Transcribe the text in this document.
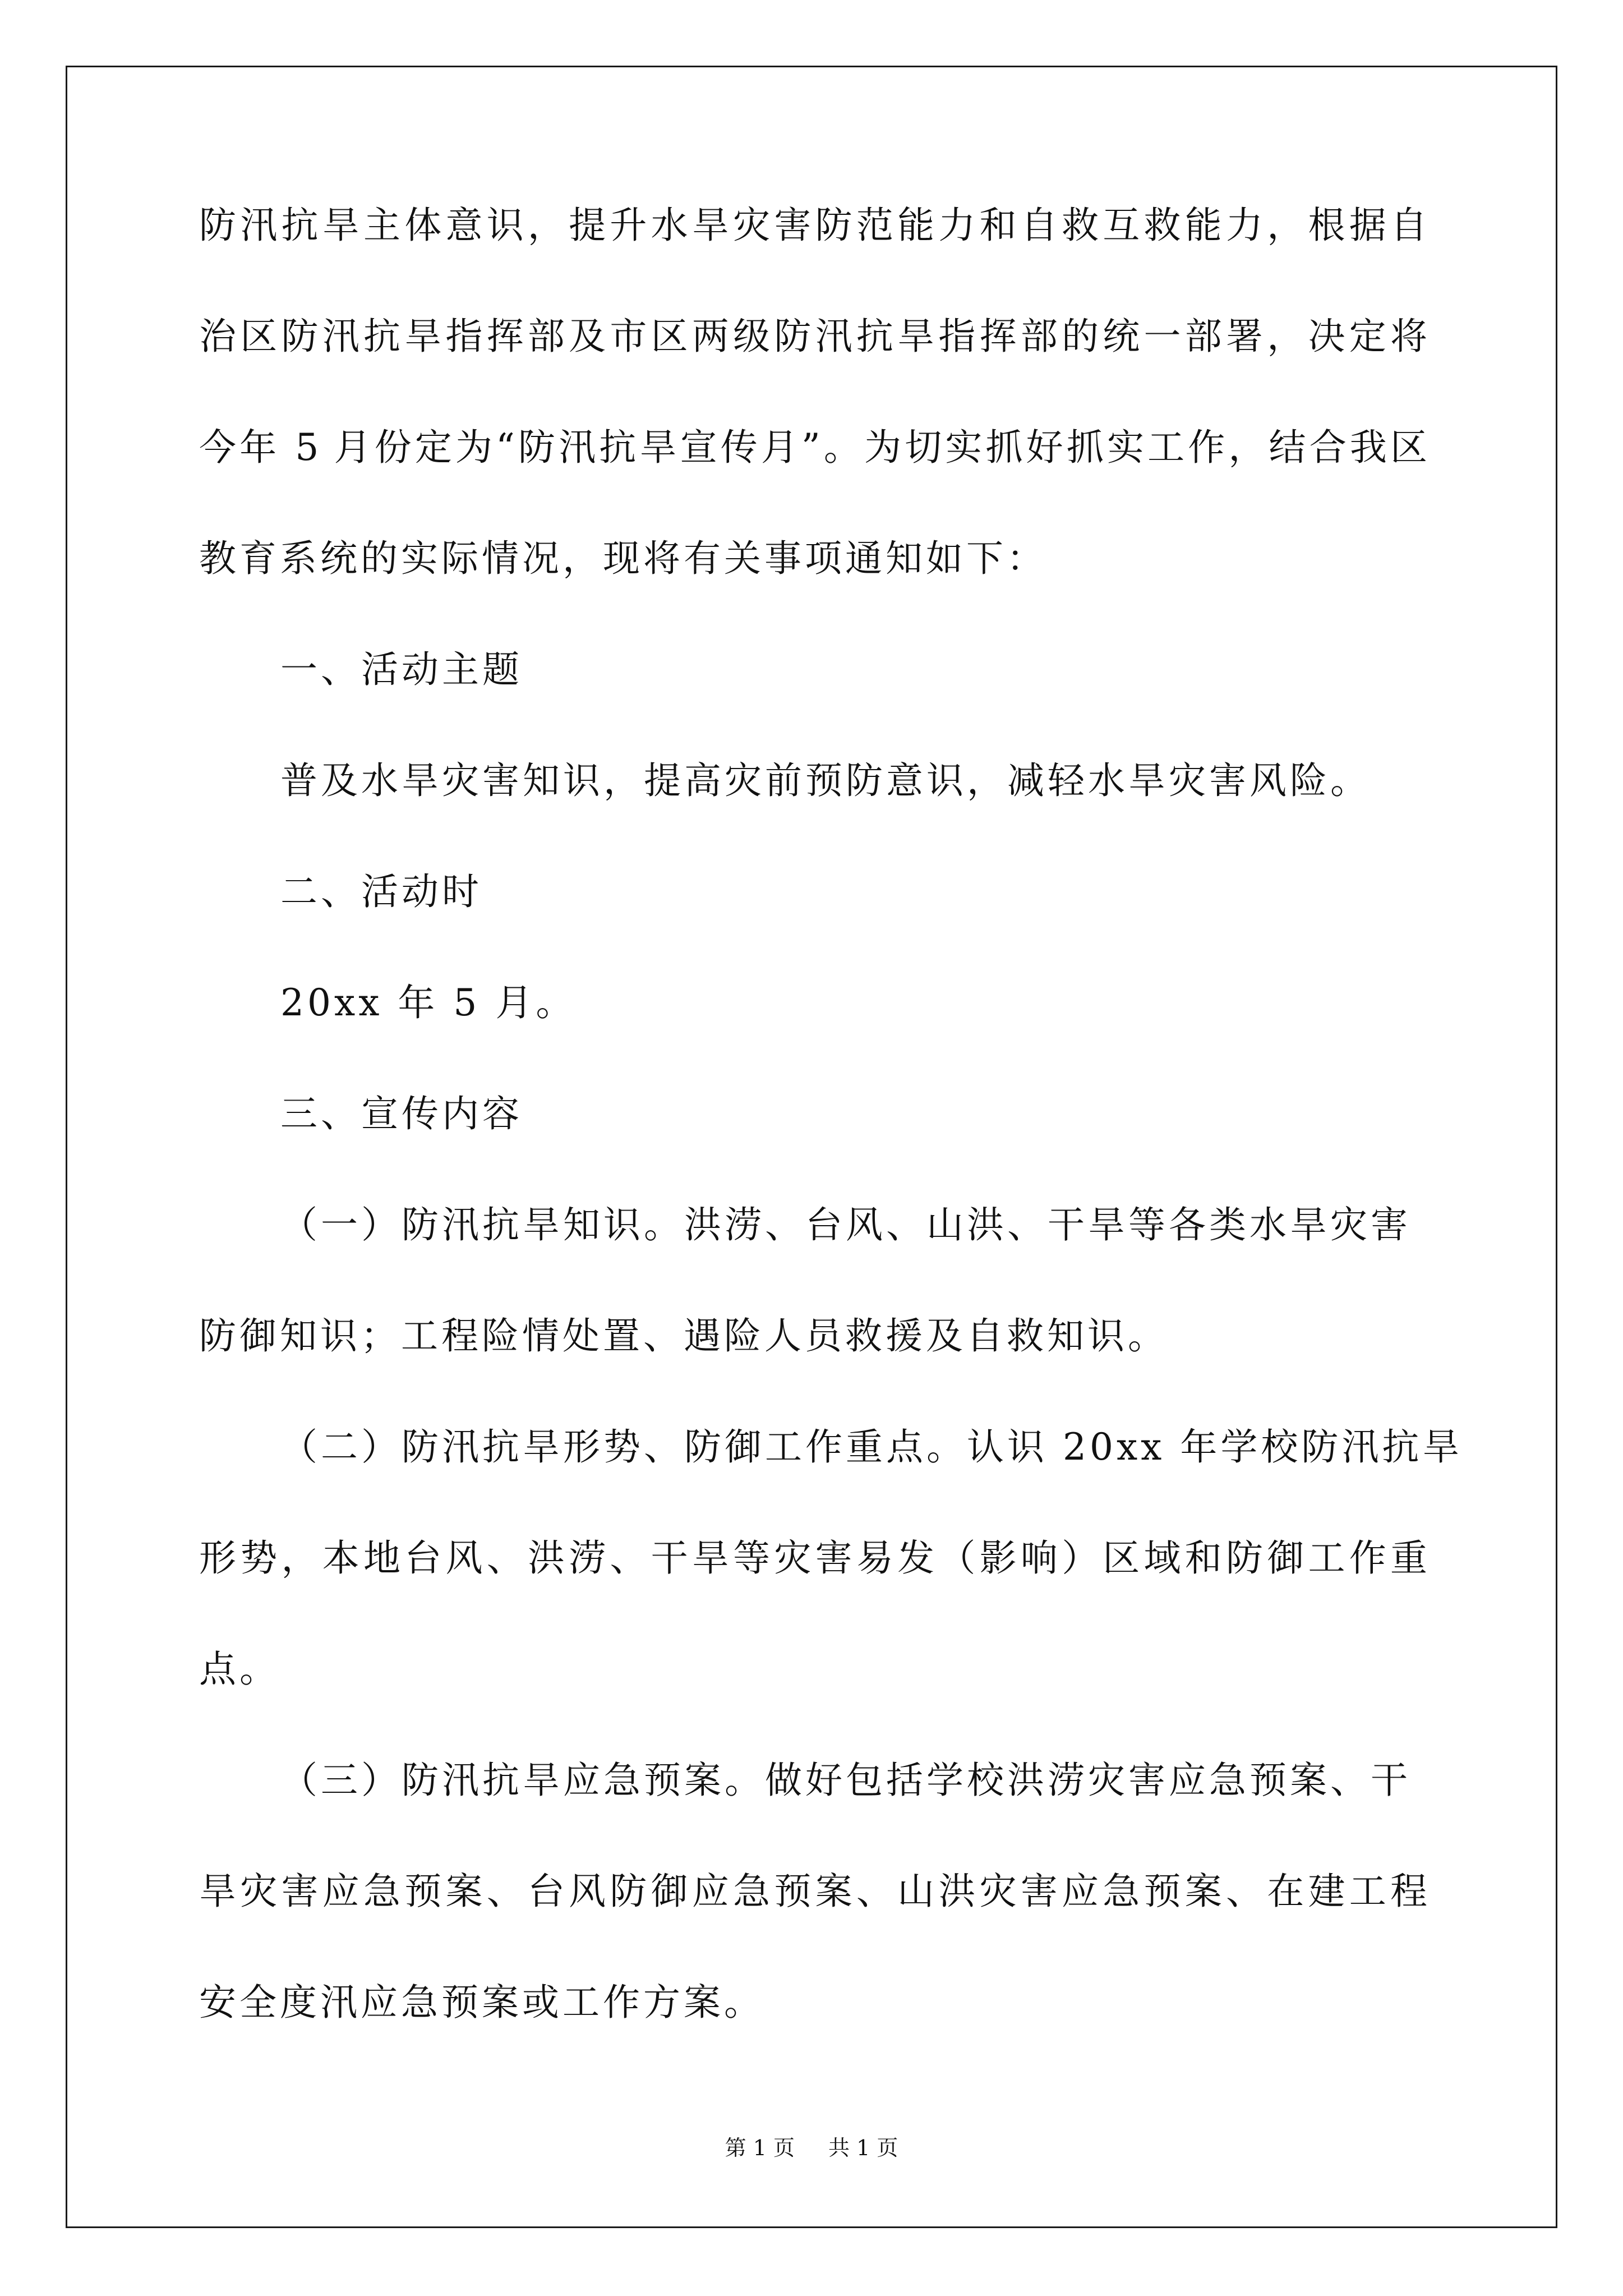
防汛抗旱主体意识，提升水旱灾害防范能力和自救互救能力，根据自
治区防汛抗旱指挥部及市区两级防汛抗旱指挥部的统一部署，决定将
今年 5 月份定为“防汛抗旱宣传月”。为切实抓好抓实工作，结合我区
教育系统的实际情况，现将有关事项通知如下：
一、活动主题
普及水旱灾害知识，提高灾前预防意识，减轻水旱灾害风险。
二、活动时
20xx 年 5 月。
三、宣传内容
（一）防汛抗旱知识。洪涝、台风、山洪、干旱等各类水旱灾害
防御知识；工程险情处置、遇险人员救援及自救知识。
（二）防汛抗旱形势、防御工作重点。认识 20xx 年学校防汛抗旱
形势，本地台风、洪涝、干旱等灾害易发（影响）区域和防御工作重
点。
（三）防汛抗旱应急预案。做好包括学校洪涝灾害应急预案、干
旱灾害应急预案、台风防御应急预案、山洪灾害应急预案、在建工程
安全度汛应急预案或工作方案。
第 1 页 共 1 页
